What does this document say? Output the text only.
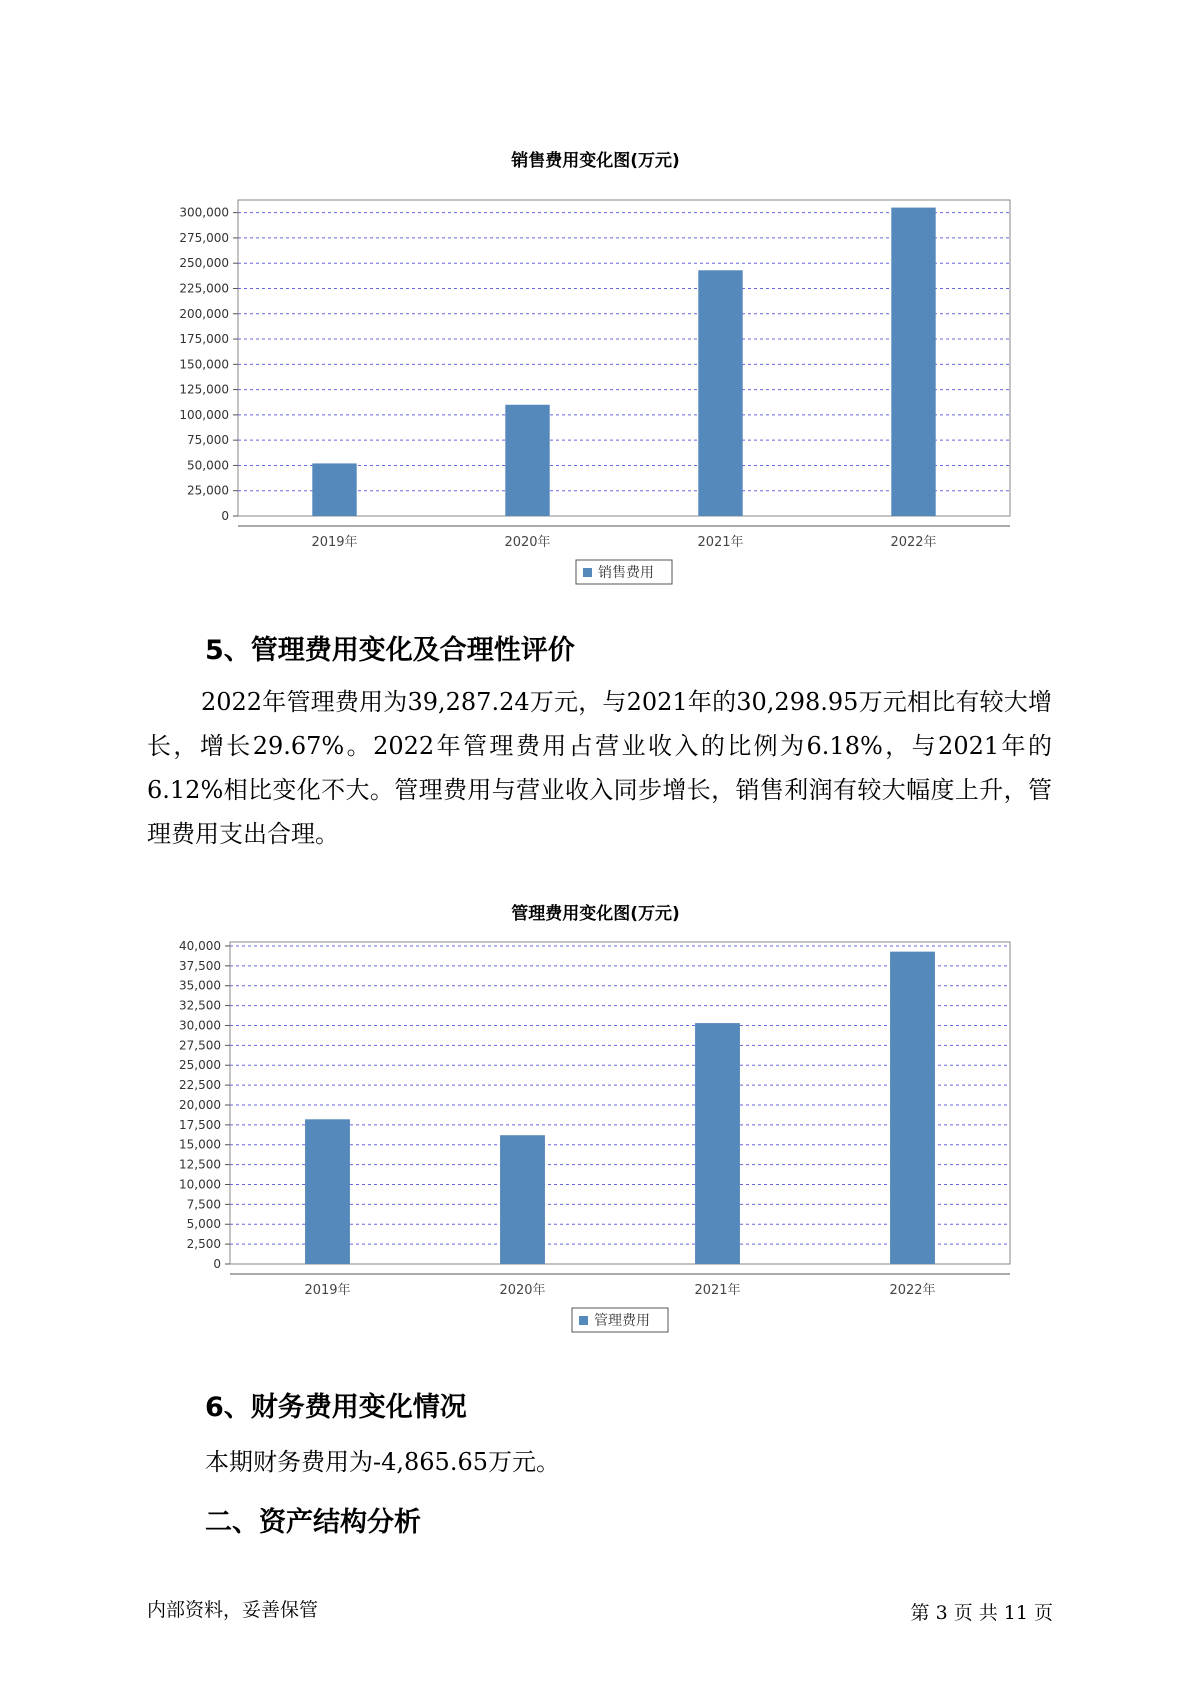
销售费用变化图(万元)
0
25,000
50,000
75,000
100,000
125,000
150,000
175,000
200,000
225,000
250,000
275,000
300,000
2019年	2020年	2021年	2022年
销售费用
5、管理费用变化及合理性评价
2022年管理费用为39,287.24万元，与2021年的30,298.95万元相比有较大增长，增长29.67%。2022年管理费用占营业收入的比例为6.18%，与2021年的6.12%相比变化不大。管理费用与营业收入同步增长，销售利润有较大幅度上升，管理费用支出合理。
管理费用变化图(万元)
0
2,500
5,000
7,500
10,000
12,500
15,000
17,500
20,000
22,500
25,000
27,500
30,000
32,500
35,000
37,500
40,000
2019年	2020年	2021年	2022年
管理费用
6、财务费用变化情况
本期财务费用为-4,865.65万元。
二、资产结构分析
内部资料，妥善保管	第 3 页 共 11 页
